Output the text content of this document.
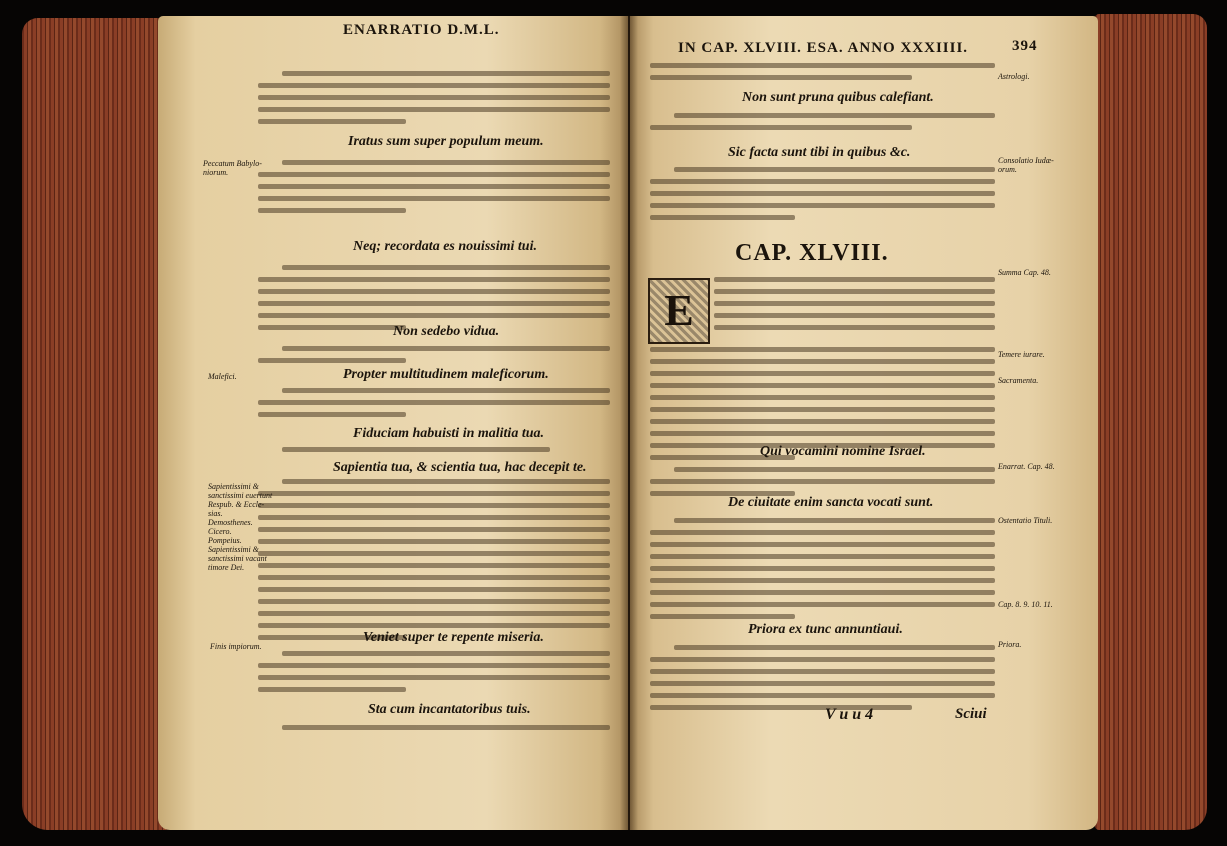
ENARRATIO D.M.L.
Iratus sum super populum meum.
Neq; recordata es nouissimi tui.
Non sedebo vidua.
Propter multitudinem maleficorum.
Fiduciam habuisti in malitia tua.
Sapientia tua, & scientia tua, hac decepit te.
Veniet super te repente miseria.
Sta cum incantatoribus tuis.
Peccatum Babylo-
niorum.
Malefici.
Sapientissimi &
sanctissimi euertunt
Respub. & Eccle-
sias.
Demosthenes.
Cicero.
Pompeius.
Sapientissimi &
sanctissimi vacant
timore Dei.
Finis impiorum.
IN CAP. XLVIII. ESA. ANNO XXXIIII.	394
Non sunt pruna quibus calefiant.
Sic facta sunt tibi in quibus &c.
CAP. XLVIII.
E
Qui vocamini nomine Israel.
De ciuitate enim sancta vocati sunt.
Priora ex tunc annuntiaui.
V u u 4	Sciui
Astrologi.
Consolatio Iudæ-
orum.
Summa Cap. 48.
Temere iurare.
Sacramenta.
Enarrat. Cap. 48.
Ostentatio Tituli.
Cap. 8. 9. 10. 11.
Priora.
